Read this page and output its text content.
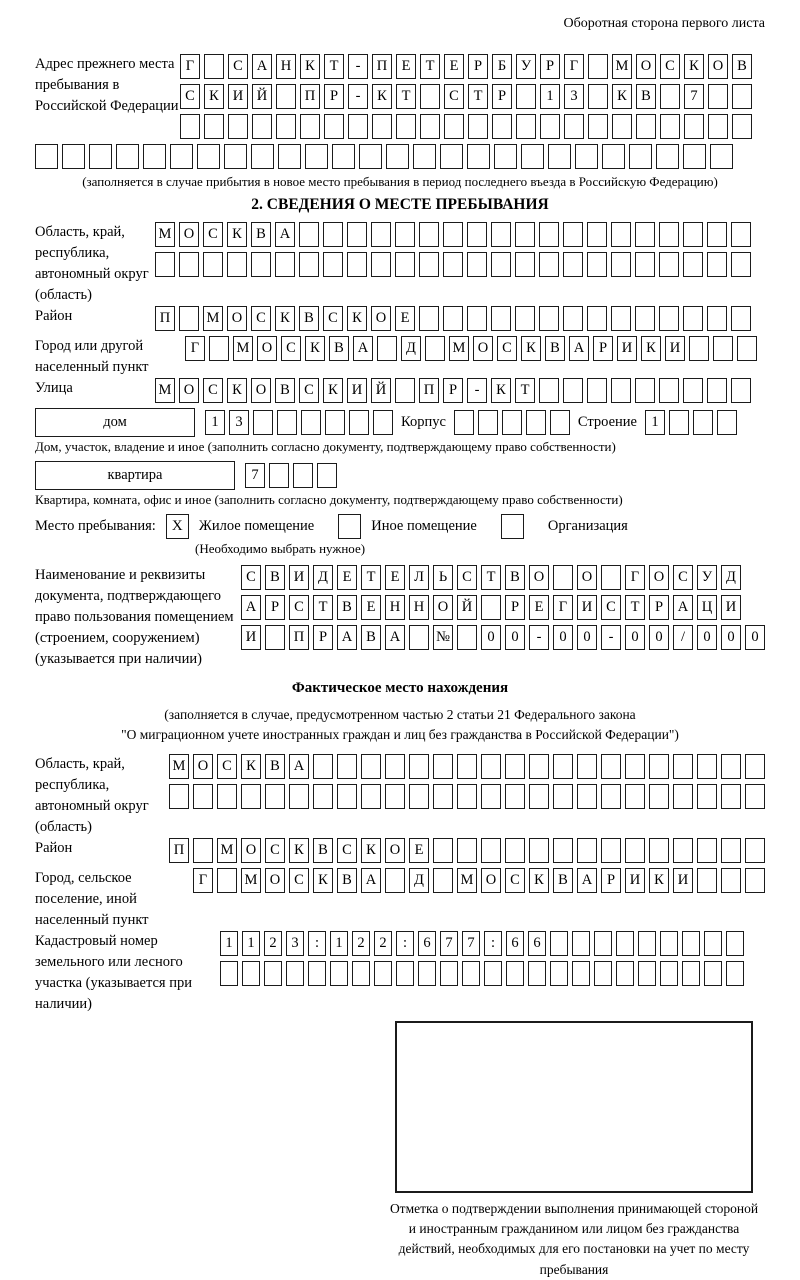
Оборотная сторона первого листа
Адрес прежнего места пребывания в Российской Федерации
Г	С А Н К	Т	-	П Е	Т	Е	Р	Б	У	Р	Г	М О С К О В
С К И Й	П	Р	-	К	Т	С	Т	Р	1	3	К В	7
(заполняется в случае прибытия в новое место пребывания в период последнего въезда в Российскую Федерацию)
2. СВЕДЕНИЯ О МЕСТЕ ПРЕБЫВАНИЯ
Область, край, республика, автономный округ (область)
М О С К В А
Район	П	М О С К В С К О Е
Город или другой населенный пункт
Г	М О С К В А	Д	М О С К В А	Р	И К И
Улица	М О С К О В С К И Й	П	Р	-	К	Т
дом	1	3	Корпус	Строение 1
Дом, участок, владение и иное (заполнить согласно документу, подтверждающему право собственности)
квартира	7
Квартира, комната, офис и иное (заполнить согласно документу, подтверждающему право собственности)
Место пребывания:	X	Жилое помещение	Иное помещение	Организация
(Необходимо выбрать нужное)
Наименование и реквизиты документа, подтверждающего право пользования помещением (строением, сооружением) (указывается при наличии)
С В И Д	Е	Т	Е	Л	Ь	С	Т	В О	О	Г	О С У Д
А	Р	С	Т	В	Е Н Н О Й	Р	Е	Г	И С	Т	Р	А Ц И
И	П	Р	А В А	№	0	0	-	0	0	-	0	0	/	0	0	0
Фактическое место нахождения
(заполняется в случае, предусмотренном частью 2 статьи 21 Федерального закона
"О миграционном учете иностранных граждан и лиц без гражданства в Российской Федерации")
Область, край, республика, автономный округ (область)
М О С К В А
Район	П	М О С К В С К О Е
Город, сельское поселение, иной населенный пункт
Г	М О С К В А	Д	М О С К В А	Р	И К И
Кадастровый номер земельного или лесного участка (указывается при наличии)
1	1	2	3	:	1	2	2	:	6	7	7	:	6	6
Отметка о подтверждении выполнения принимающей стороной и иностранным гражданином или лицом без гражданства действий, необходимых для его постановки на учет по месту пребывания
